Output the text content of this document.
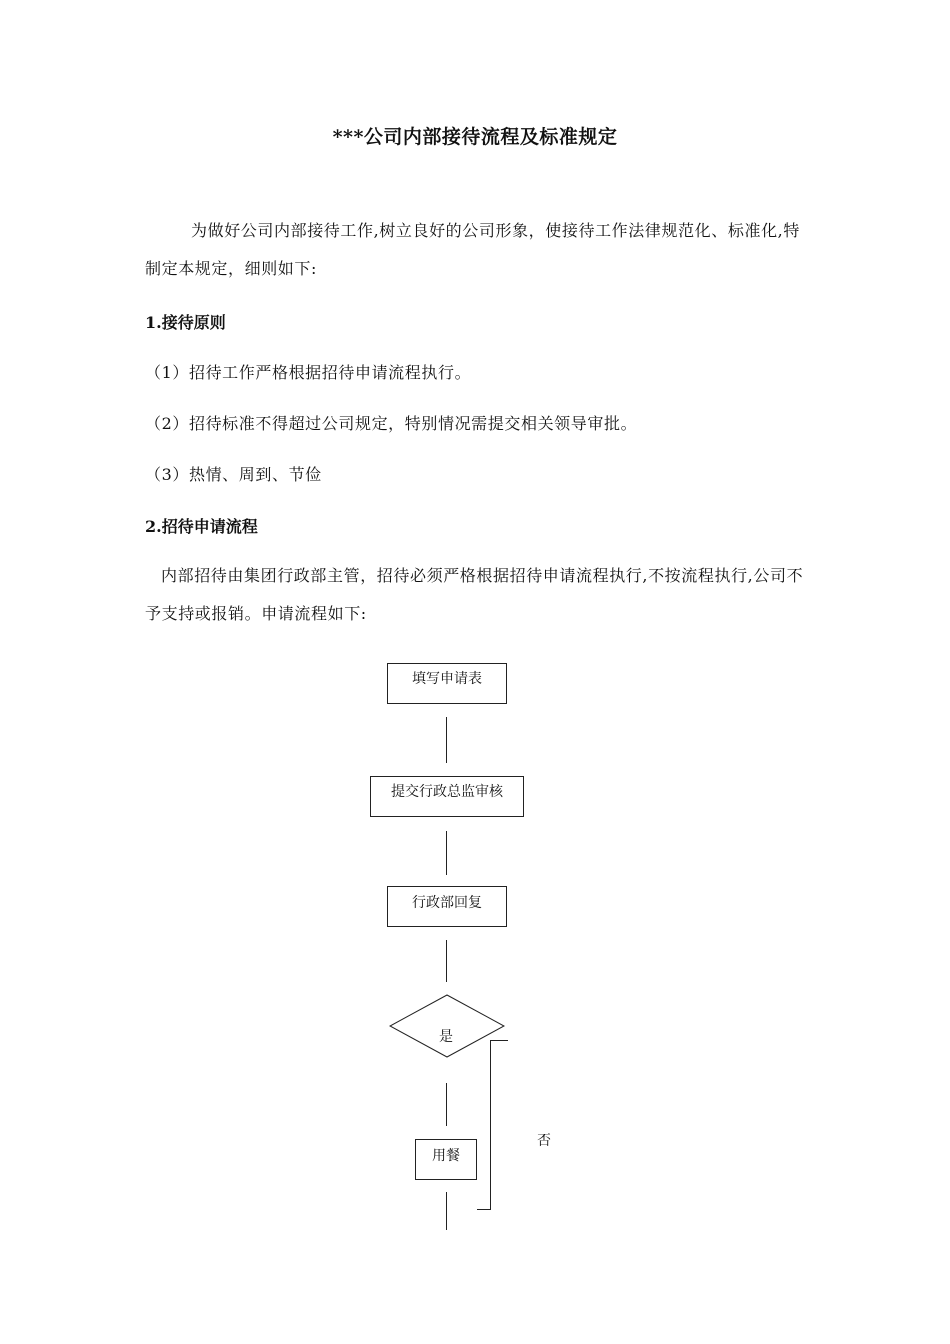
***公司内部接待流程及标准规定
为做好公司内部接待工作,树立良好的公司形象，使接待工作法律规范化、标准化,特制定本规定，细则如下:
1.接待原则
（1）招待工作严格根据招待申请流程执行。
（2）招待标准不得超过公司规定，特别情况需提交相关领导审批。
（3）热情、周到、节俭
2.招待申请流程
内部招待由集团行政部主管，招待必须严格根据招待申请流程执行,不按流程执行,公司不予支持或报销。申请流程如下:
填写申请表
提交行政总监审核
行政部回复
是
否
用餐
